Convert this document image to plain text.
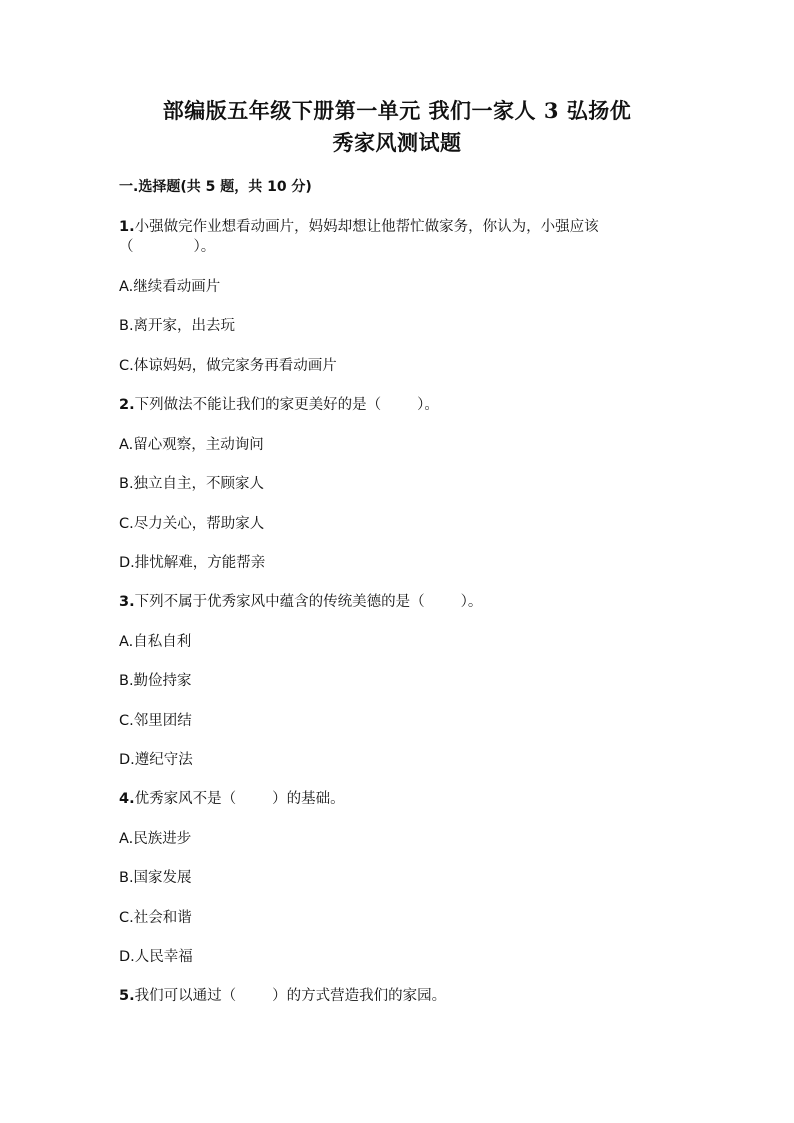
部编版五年级下册第一单元 我们一家人 3 弘扬优
秀家风测试题
一.选择题(共 5 题，共 10 分)
1.小强做完作业想看动画片，妈妈却想让他帮忙做家务，你认为，小强应该
（	）。
A.继续看动画片
B.离开家，出去玩
C.体谅妈妈，做完家务再看动画片
2.下列做法不能让我们的家更美好的是（ ）。
A.留心观察，主动询问
B.独立自主，不顾家人
C.尽力关心，帮助家人
D.排忧解难，方能帮亲
3.下列不属于优秀家风中蕴含的传统美德的是（ ）。
A.自私自利
B.勤俭持家
C.邻里团结
D.遵纪守法
4.优秀家风不是（ ）的基础。
A.民族进步
B.国家发展
C.社会和谐
D.人民幸福
5.我们可以通过（ ）的方式营造我们的家园。
